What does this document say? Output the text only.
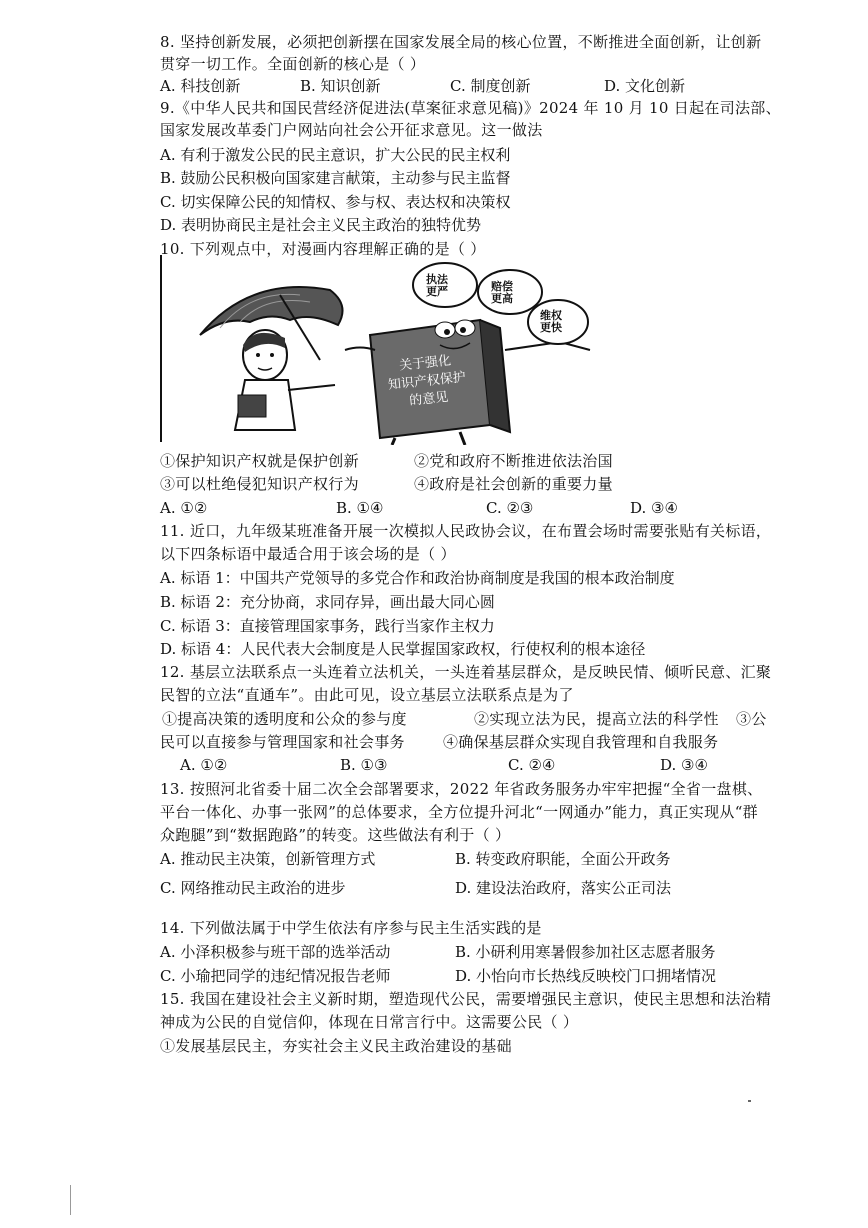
8. 坚持创新发展，必须把创新摆在国家发展全局的核心位置，不断推进全面创新，让创新
贯穿一切工作。全面创新的核心是（ ）
A. 科技创新	B. 知识创新	C. 制度创新	D. 文化创新
9.《中华人民共和国民营经济促进法(草案征求意见稿)》2024 年 10 月 10 日起在司法部、
国家发展改革委门户网站向社会公开征求意见。这一做法
A. 有利于激发公民的民主意识，扩大公民的民主权利
B. 鼓励公民积极向国家建言献策，主动参与民主监督
C. 切实保障公民的知情权、参与权、表达权和决策权
D. 表明协商民主是社会主义民主政治的独特优势
10. 下列观点中，对漫画内容理解正确的是（ ）
执法
更严	赔偿
更高
维权
更快
关于强化
知识产权保护
的意见
①保护知识产权就是保护创新	②党和政府不断推进依法治国
③可以杜绝侵犯知识产权行为	④政府是社会创新的重要力量
A. ①②	B. ①④	C. ②③	D. ③④
11. 近口，九年级某班准备开展一次模拟人民政协会议，在布置会场时需要张贴有关标语，
以下四条标语中最适合用于该会场的是（ ）
A. 标语 1：中国共产党领导的多党合作和政治协商制度是我国的根本政治制度
B. 标语 2：充分协商，求同存异，画出最大同心圆
C. 标语 3：直接管理国家事务，践行当家作主权力
D. 标语 4：人民代表大会制度是人民掌握国家政权，行使权利的根本途径
12. 基层立法联系点一头连着立法机关，一头连着基层群众，是反映民情、倾听民意、汇聚
民智的立法“直通车”。由此可见，设立基层立法联系点是为了
①提高决策的透明度和公众的参与度	②实现立法为民，提高立法的科学性 ③公
民可以直接参与管理国家和社会事务	④确保基层群众实现自我管理和自我服务
A. ①②	B. ①③	C. ②④	D. ③④
13. 按照河北省委十届二次全会部署要求，2022 年省政务服务办牢牢把握“全省一盘棋、
平台一体化、办事一张网”的总体要求，全方位提升河北“一网通办”能力，真正实现从“群
众跑腿”到“数据跑路”的转变。这些做法有利于（ ）
A. 推动民主决策，创新管理方式	B. 转变政府职能，全面公开政务
C. 网络推动民主政治的进步	D. 建设法治政府，落实公正司法
14. 下列做法属于中学生依法有序参与民主生活实践的是
A. 小泽积极参与班干部的选举活动	B. 小研利用寒暑假参加社区志愿者服务
C. 小瑜把同学的违纪情况报告老师	D. 小怡向市长热线反映校门口拥堵情况
15. 我国在建设社会主义新时期，塑造现代公民，需要增强民主意识，使民主思想和法治精
神成为公民的自觉信仰，体现在日常言行中。这需要公民（ ）
①发展基层民主，夯实社会主义民主政治建设的基础
